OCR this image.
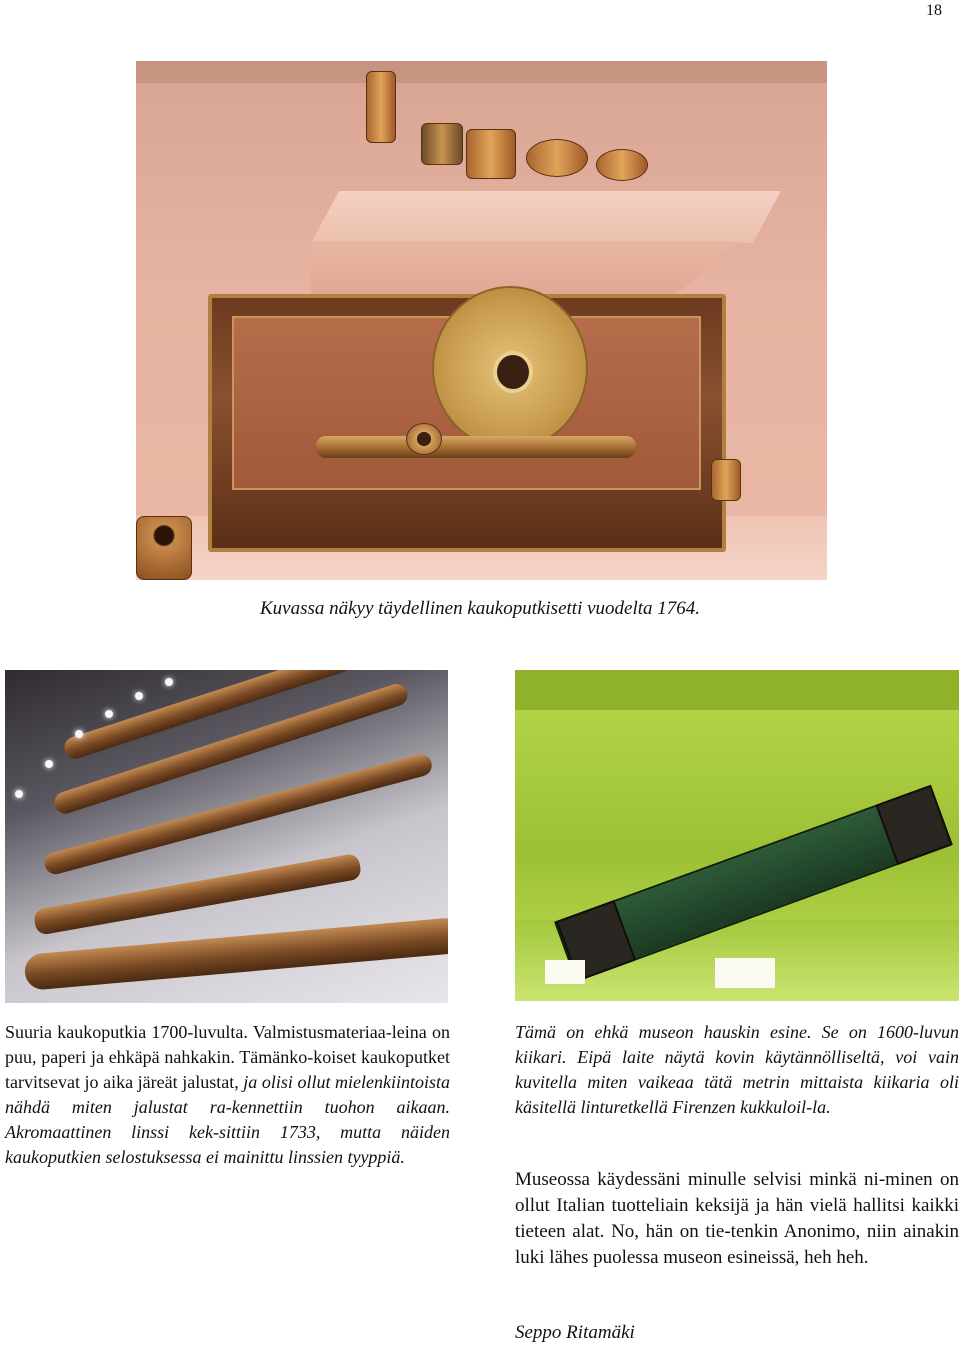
18
Kuvassa näkyy täydellinen kaukoputkisetti vuodelta 1764.
Suuria kaukoputkia 1700-luvulta. Valmistusmateriaa-leina on puu, paperi ja ehkäpä nahkakin. Tämänko-koiset kaukoputket tarvitsevat jo aika järeät jalustat, ja olisi ollut mielenkiintoista nähdä miten jalustat ra-kennettiin tuohon aikaan. Akromaattinen linssi kek-sittiin 1733, mutta näiden kaukoputkien selostuksessa ei mainittu linssien tyyppiä.
Tämä on ehkä museon hauskin esine. Se on 1600-luvun kiikari. Eipä laite näytä kovin käytännölliseltä, voi vain kuvitella miten vaikeaa tätä metrin mittaista kiikaria oli käsitellä linturetkellä Firenzen kukkuloil-la.
Museossa käydessäni minulle selvisi minkä ni-minen on ollut Italian tuotteliain keksijä ja hän vielä hallitsi kaikki tieteen alat. No, hän on tie-tenkin Anonimo, niin ainakin luki lähes puolessa museon esineissä, heh heh.
Seppo Ritamäki
